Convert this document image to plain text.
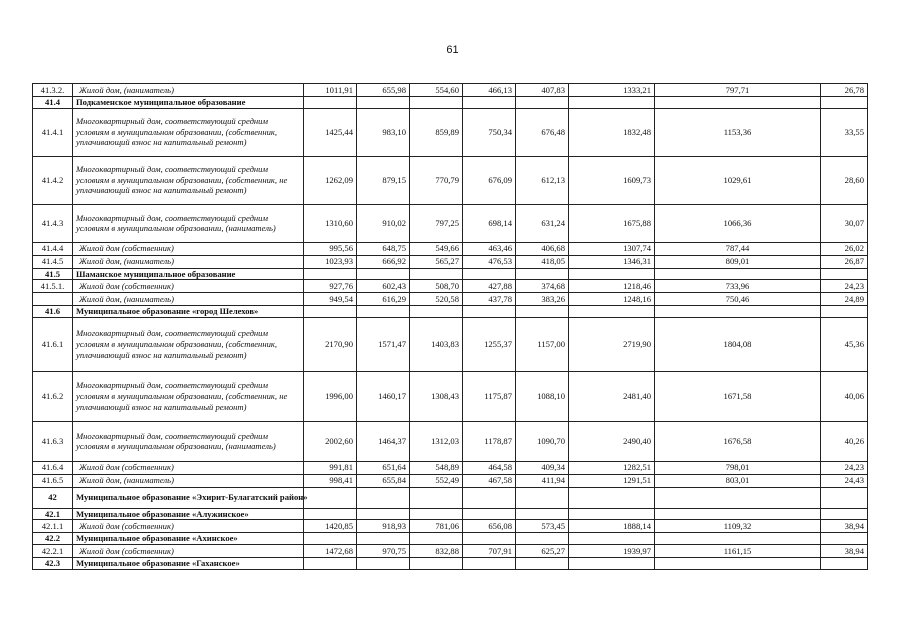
61
41.3.2.	Жилой дом, (наниматель)	1011,91	655,98	554,60	466,13	407,83	1333,21	797,71	26,78
41.4	Подкаменское муниципальное образование								
41.4.1	Многоквартирный дом, соответствующий средним условиям в муниципальном образовании, (собственник, уплачивающий взнос на капитальный ремонт)	1425,44	983,10	859,89	750,34	676,48	1832,48	1153,36	33,55
41.4.2	Многоквартирный дом, соответствующий средним условиям в муниципальном образовании, (собственник, не уплачивающий взнос на капитальный ремонт)	1262,09	879,15	770,79	676,09	612,13	1609,73	1029,61	28,60
41.4.3	Многоквартирный дом, соответствующий средним условиям в муниципальном образовании, (наниматель)	1310,60	910,02	797,25	698,14	631,24	1675,88	1066,36	30,07
41.4.4	Жилой дом (собственник)	995,56	648,75	549,66	463,46	406,68	1307,74	787,44	26,02
41.4.5	Жилой дом, (наниматель)	1023,93	666,92	565,27	476,53	418,05	1346,31	809,01	26,87
41.5	Шаманское муниципальное образование								
41.5.1.	Жилой дом (собственник)	927,76	602,43	508,70	427,88	374,68	1218,46	733,96	24,23
	Жилой дом, (наниматель)	949,54	616,29	520,58	437,78	383,26	1248,16	750,46	24,89
41.6	Муниципальное образование «город Шелехов»								
41.6.1	Многоквартирный дом, соответствующий средним условиям в муниципальном образовании, (собственник, уплачивающий взнос на капитальный ремонт)	2170,90	1571,47	1403,83	1255,37	1157,00	2719,90	1804,08	45,36
41.6.2	Многоквартирный дом, соответствующий средним условиям в муниципальном образовании, (собственник, не уплачивающий взнос на капитальный ремонт)	1996,00	1460,17	1308,43	1175,87	1088,10	2481,40	1671,58	40,06
41.6.3	Многоквартирный дом, соответствующий средним условиям в муниципальном образовании, (наниматель)	2002,60	1464,37	1312,03	1178,87	1090,70	2490,40	1676,58	40,26
41.6.4	Жилой дом (собственник)	991,81	651,64	548,89	464,58	409,34	1282,51	798,01	24,23
41.6.5	Жилой дом, (наниматель)	998,41	655,84	552,49	467,58	411,94	1291,51	803,01	24,43
42	Муниципальное образование «Эхирит-Булагатский район»								
42.1	Муниципальное образование «Алужинское»								
42.1.1	Жилой дом (собственник)	1420,85	918,93	781,06	656,08	573,45	1888,14	1109,32	38,94
42.2	Муниципальное образование «Ахинское»								
42.2.1	Жилой дом (собственник)	1472,68	970,75	832,88	707,91	625,27	1939,97	1161,15	38,94
42.3	Муниципальное образование «Гаханское»								
